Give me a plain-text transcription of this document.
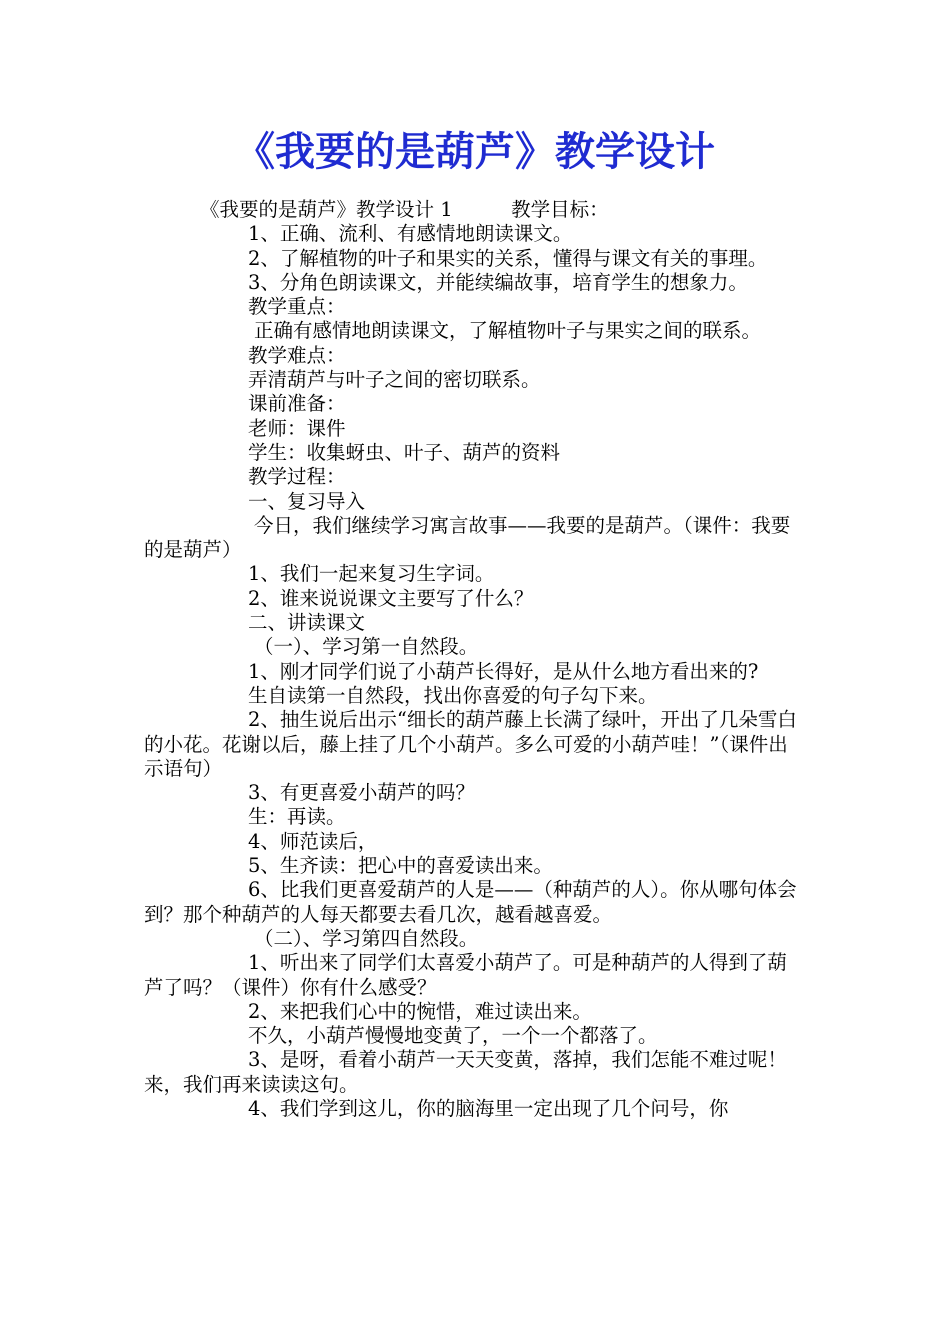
《我要的是葫芦》教学设计

《我要的是葫芦》教学设计 1　　　教学目标：

1、正确、流利、有感情地朗读课文。

2、了解植物的叶子和果实的关系，懂得与课文有关的事理。

3、分角色朗读课文，并能续编故事，培育学生的想象力。

教学重点：

正确有感情地朗读课文，了解植物叶子与果实之间的联系。

教学难点：

弄清葫芦与叶子之间的密切联系。

课前准备：

老师：课件

学生：收集蚜虫、叶子、葫芦的资料

教学过程：

一、复习导入

今日，我们继续学习寓言故事——我要的是葫芦。（课件：我要的是葫芦）

1、我们一起来复习生字词。

2、谁来说说课文主要写了什么？

二、讲读课文

（一）、学习第一自然段。

1、刚才同学们说了小葫芦长得好，是从什么地方看出来的?

生自读第一自然段，找出你喜爱的句子勾下来。

2、抽生说后出示“细长的葫芦藤上长满了绿叶，开出了几朵雪白的小花。花谢以后，藤上挂了几个小葫芦。多么可爱的小葫芦哇！”（课件出示语句）

3、有更喜爱小葫芦的吗？

生：再读。

4、师范读后，

5、生齐读：把心中的喜爱读出来。

6、比我们更喜爱葫芦的人是——（种葫芦的人）。你从哪句体会到？那个种葫芦的人每天都要去看几次，越看越喜爱。

（二）、学习第四自然段。

1、听出来了同学们太喜爱小葫芦了。可是种葫芦的人得到了葫芦了吗？（课件）你有什么感受？

2、来把我们心中的惋惜，难过读出来。

不久，小葫芦慢慢地变黄了，一个一个都落了。

3、是呀，看着小葫芦一天天变黄，落掉，我们怎能不难过呢！来，我们再来读读这句。

4、我们学到这儿，你的脑海里一定出现了几个问号，你
